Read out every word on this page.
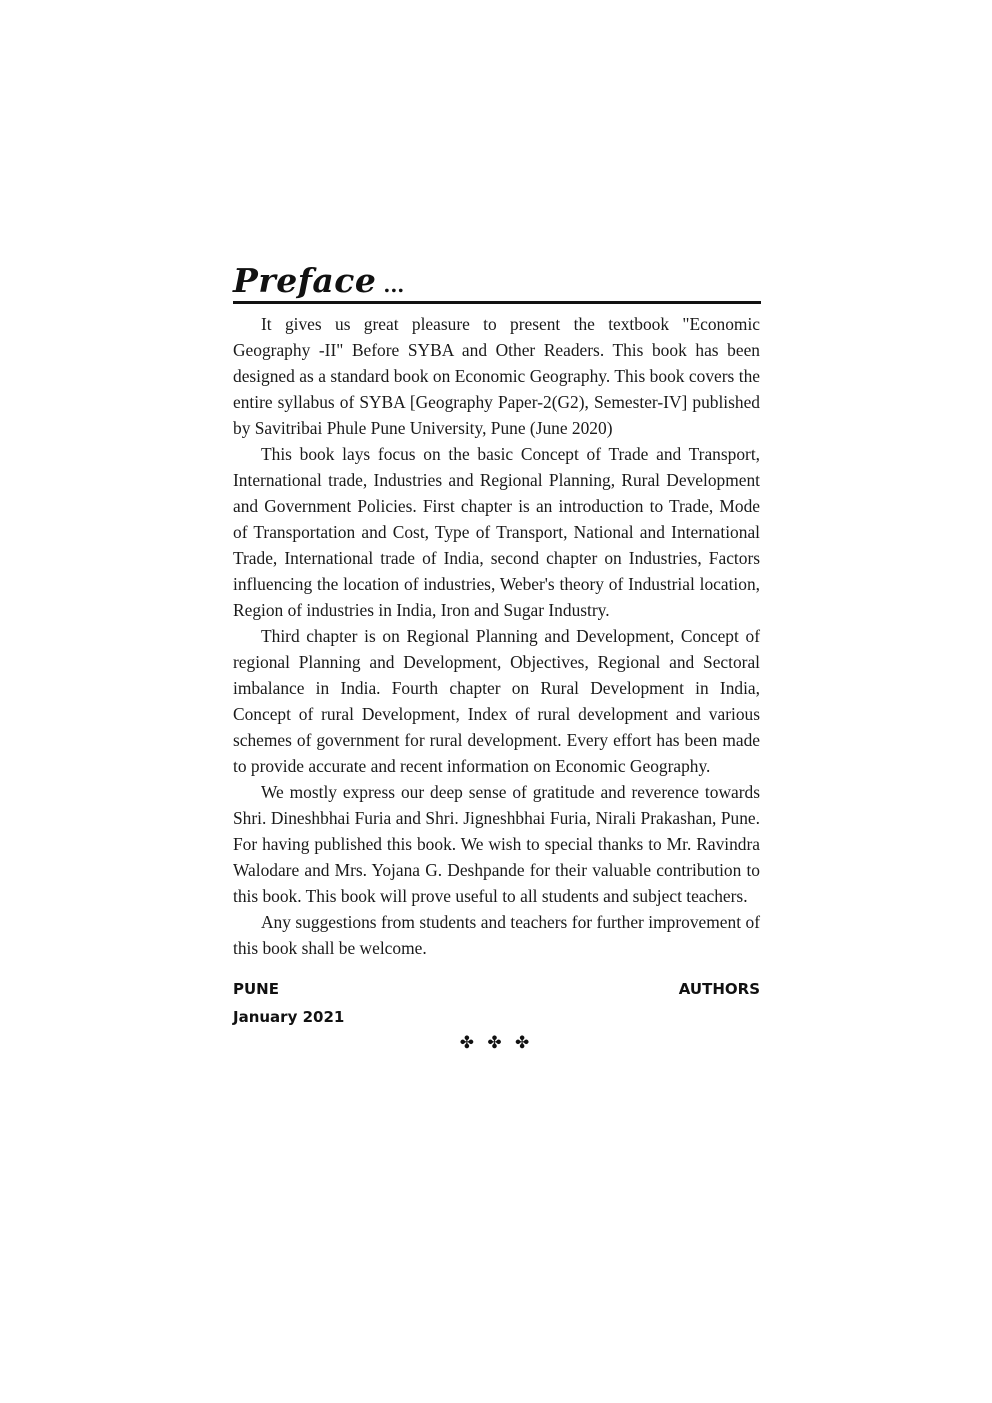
Preface ...

It gives us great pleasure to present the textbook "Economic Geography -II" Before SYBA and Other Readers. This book has been designed as a standard book on Economic Geography. This book covers the entire syllabus of SYBA [Geography Paper-2(G2), Semester-IV] published by Savitribai Phule Pune University, Pune (June 2020)

This book lays focus on the basic Concept of Trade and Transport, International trade, Industries and Regional Planning, Rural Development and Government Policies. First chapter is an introduction to Trade, Mode of Transportation and Cost, Type of Transport, National and International Trade, International trade of India, second chapter on Industries, Factors influencing the location of industries, Weber's theory of Industrial location, Region of industries in India, Iron and Sugar Industry.

Third chapter is on Regional Planning and Development, Concept of regional Planning and Development, Objectives, Regional and Sectoral imbalance in India. Fourth chapter on Rural Development in India, Concept of rural Development, Index of rural development and various schemes of government for rural development. Every effort has been made to provide accurate and recent information on Economic Geography.

We mostly express our deep sense of gratitude and reverence towards Shri. Dineshbhai Furia and Shri. Jigneshbhai Furia, Nirali Prakashan, Pune. For having published this book. We wish to special thanks to Mr. Ravindra Walodare and Mrs. Yojana G. Deshpande for their valuable contribution to this book. This book will prove useful to all students and subject teachers.

Any suggestions from students and teachers for further improvement of this book shall be welcome.

PUNE	AUTHORS
January 2021
✤ ✤ ✤
